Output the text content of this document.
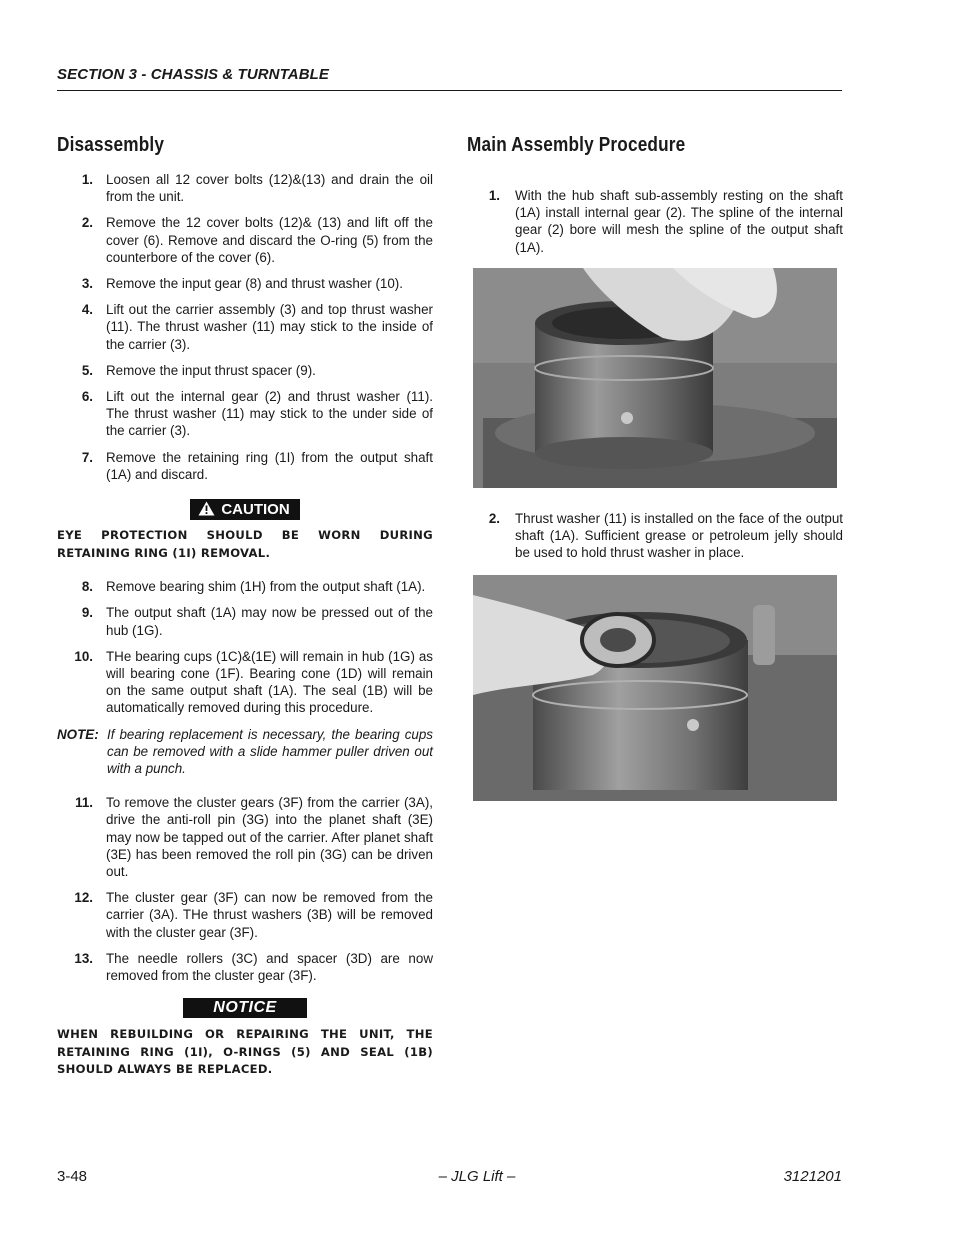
SECTION 3 - CHASSIS & TURNTABLE
Disassembly
1. Loosen all 12 cover bolts (12)&(13) and drain the oil from the unit.
2. Remove the 12 cover bolts (12)& (13) and lift off the cover (6). Remove and discard the O-ring (5) from the counterbore of the cover (6).
3. Remove the input gear (8) and thrust washer (10).
4. Lift out the carrier assembly (3) and top thrust washer (11). The thrust washer (11) may stick to the inside of the carrier (3).
5. Remove the input thrust spacer (9).
6. Lift out the internal gear (2) and thrust washer (11). The thrust washer (11) may stick to the under side of the carrier (3).
7. Remove the retaining ring (1I) from the output shaft (1A) and discard.
CAUTION
EYE PROTECTION SHOULD BE WORN DURING RETAINING RING (1I) REMOVAL.
8. Remove bearing shim (1H) from the output shaft (1A).
9. The output shaft (1A) may now be pressed out of the hub (1G).
10. THe bearing cups (1C)&(1E) will remain in hub (1G) as will bearing cone (1F). Bearing cone (1D) will remain on the same output shaft (1A). The seal (1B) will be automatically removed during this procedure.
NOTE: If bearing replacement is necessary, the bearing cups can be removed with a slide hammer puller driven out with a punch.
11. To remove the cluster gears (3F) from the carrier (3A), drive the anti-roll pin (3G) into the planet shaft (3E) may now be tapped out of the carrier. After planet shaft (3E) has been removed the roll pin (3G) can be driven out.
12. The cluster gear (3F) can now be removed from the carrier (3A). THe thrust washers (3B) will be removed with the cluster gear (3F).
13. The needle rollers (3C) and spacer (3D) are now removed from the cluster gear (3F).
NOTICE
WHEN REBUILDING OR REPAIRING THE UNIT, THE RETAINING RING (1I), O-RINGS (5) AND SEAL (1B) SHOULD ALWAYS BE REPLACED.
Main Assembly Procedure
1. With the hub shaft sub-assembly resting on the shaft (1A) install internal gear (2). The spline of the internal gear (2) bore will mesh the spline of the output shaft (1A).
2. Thrust washer (11) is installed on the face of the output shaft (1A). Sufficient grease or petroleum jelly should be used to hold thrust washer in place.
3-48	– JLG Lift –	3121201
